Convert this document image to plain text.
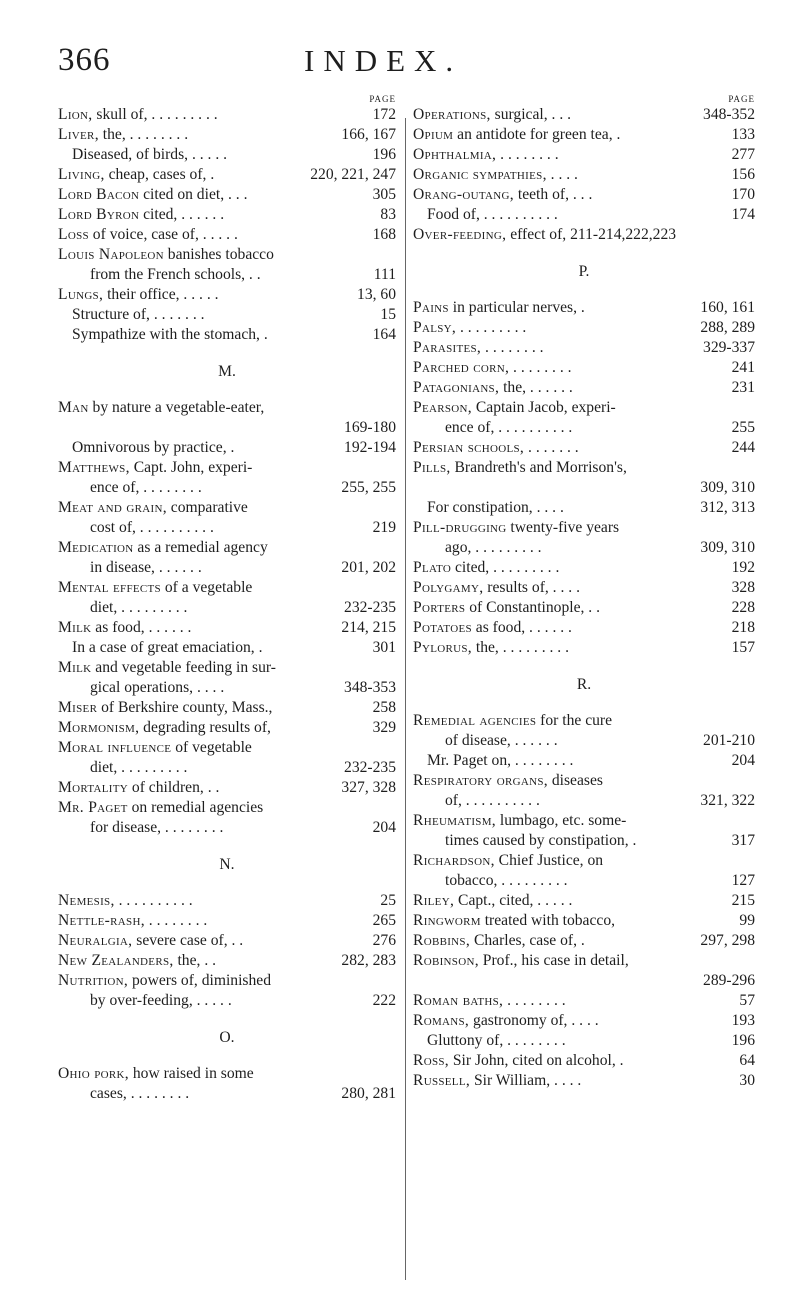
366	INDEX.
PAGE
Lion, skull of, . . . . . . . . .	172
Liver, the, . . . . . . . .	166, 167
Diseased, of birds, . . . . .	196
Living, cheap, cases of, .	220, 221, 247
Lord Bacon cited on diet, . . .	305
Lord Byron cited, . . . . . .	83
Loss of voice, case of, . . . . .	168
Louis Napoleon banishes tobacco
from the French schools, . .	111
Lungs, their office, . . . . .	13, 60
Structure of, . . . . . . .	15
Sympathize with the stomach, .	164
M.
Man by nature a vegetable-eater,
169-180
Omnivorous by practice, .	192-194
Matthews, Capt. John, experi-
ence of, . . . . . . . .	255, 255
Meat and grain, comparative
cost of, . . . . . . . . . .	219
Medication as a remedial agency
in disease, . . . . . .	201, 202
Mental effects of a vegetable
diet, . . . . . . . . .	232-235
Milk as food, . . . . . .	214, 215
In a case of great emaciation, .	301
Milk and vegetable feeding in sur-
gical operations, . . . .	348-353
Miser of Berkshire county, Mass.,	258
Mormonism, degrading results of,	329
Moral influence of vegetable
diet, . . . . . . . . .	232-235
Mortality of children, . .	327, 328
Mr. Paget on remedial agencies
for disease, . . . . . . . .	204
N.
Nemesis, . . . . . . . . . .	25
Nettle-rash, . . . . . . . .	265
Neuralgia, severe case of, . .	276
New Zealanders, the, . .	282, 283
Nutrition, powers of, diminished
by over-feeding, . . . . .	222
O.
Ohio pork, how raised in some
cases, . . . . . . . .	280, 281
PAGE
Operations, surgical, . . .	348-352
Opium an antidote for green tea, .	133
Ophthalmia, . . . . . . . .	277
Organic sympathies, . . . .	156
Orang-outang, teeth of, . . .	170
Food of, . . . . . . . . . .	174
Over-feeding, effect of, 211-214,222,223
P.
Pains in particular nerves, .	160, 161
Palsy, . . . . . . . . .	288, 289
Parasites, . . . . . . . .	329-337
Parched corn, . . . . . . . .	241
Patagonians, the, . . . . . .	231
Pearson, Captain Jacob, experi-
ence of, . . . . . . . . . .	255
Persian schools, . . . . . . .	244
Pills, Brandreth's and Morrison's,
309, 310
For constipation, . . . .	312, 313
Pill-drugging twenty-five years
ago, . . . . . . . . .	309, 310
Plato cited, . . . . . . . . .	192
Polygamy, results of, . . . .	328
Porters of Constantinople, . .	228
Potatoes as food, . . . . . .	218
Pylorus, the, . . . . . . . . .	157
R.
Remedial agencies for the cure
of disease, . . . . . .	201-210
Mr. Paget on, . . . . . . . .	204
Respiratory organs, diseases
of, . . . . . . . . . .	321, 322
Rheumatism, lumbago, etc. some-
times caused by constipation, .	317
Richardson, Chief Justice, on
tobacco, . . . . . . . . .	127
Riley, Capt., cited, . . . . .	215
Ringworm treated with tobacco,	99
Robbins, Charles, case of, .	297, 298
Robinson, Prof., his case in detail,
289-296
Roman baths, . . . . . . . .	57
Romans, gastronomy of, . . . .	193
Gluttony of, . . . . . . . .	196
Ross, Sir John, cited on alcohol, .	64
Russell, Sir William, . . . .	30
